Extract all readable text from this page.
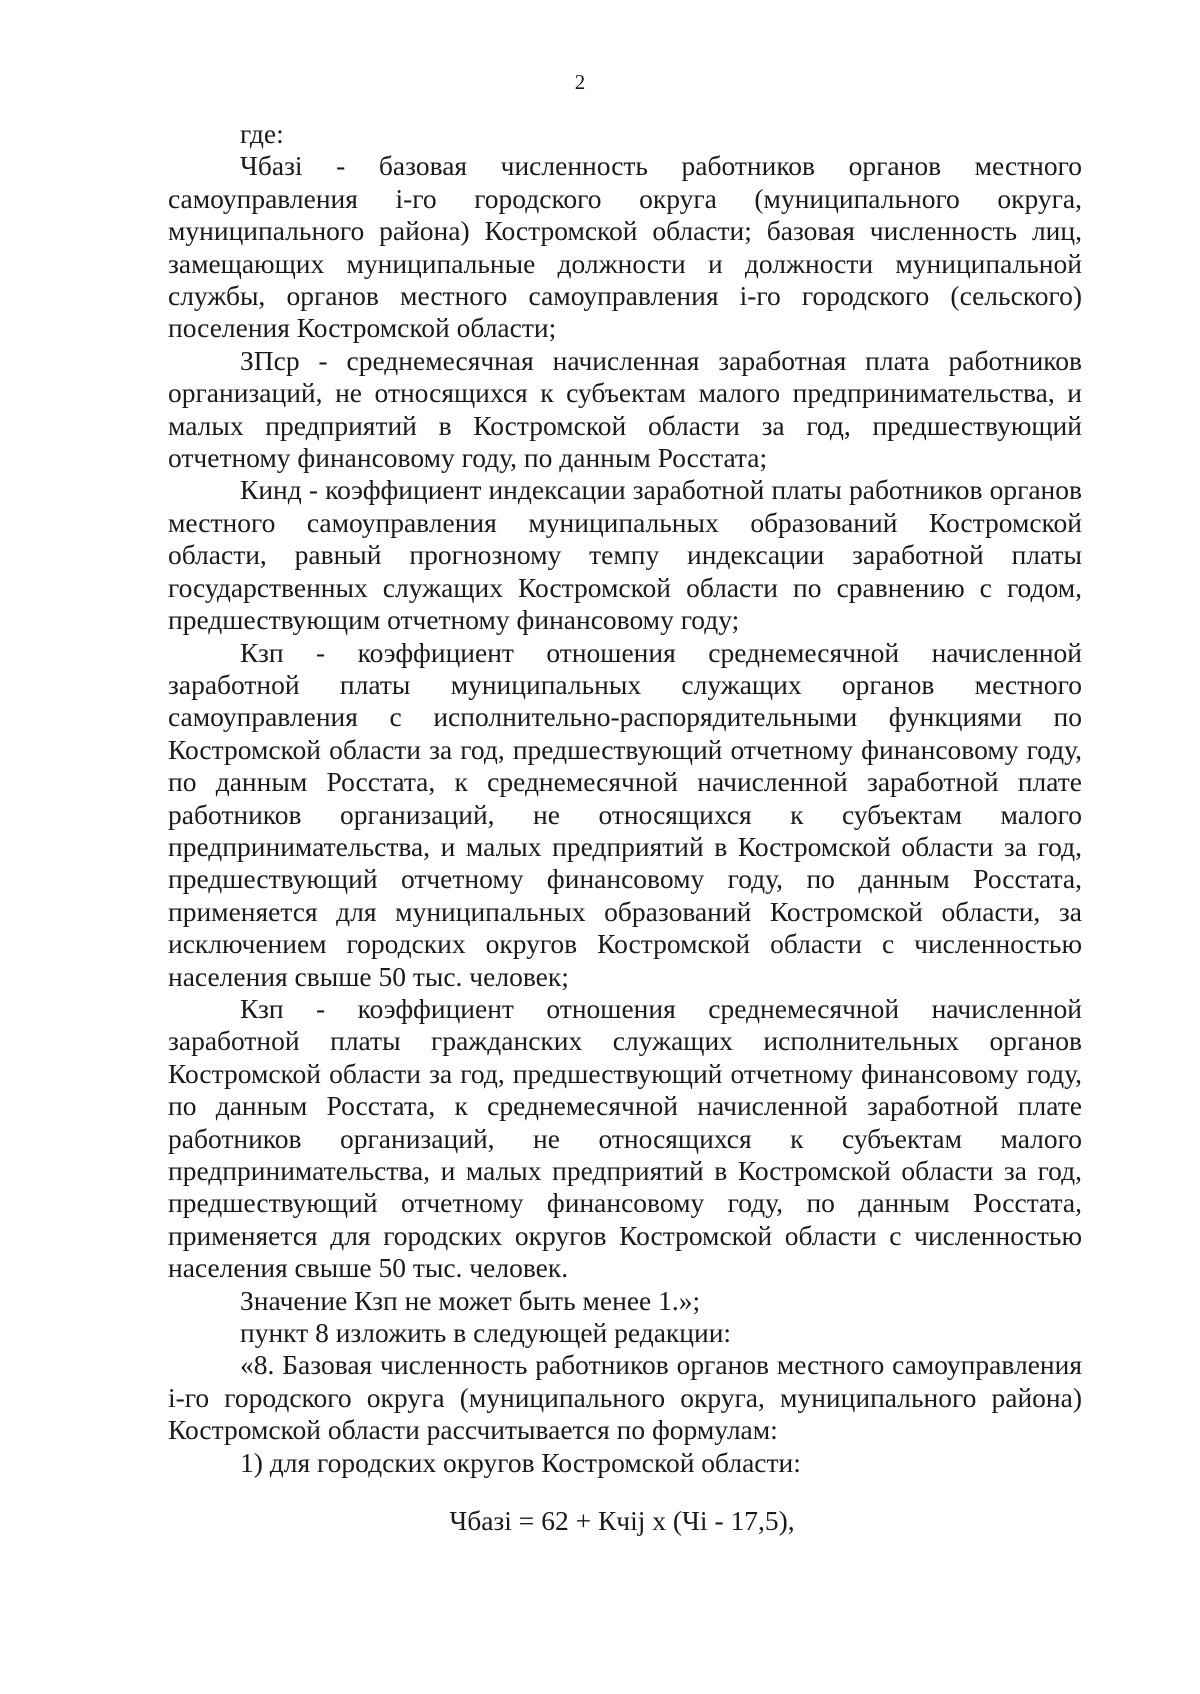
2

где:

Чбазi - базовая численность работников органов местного самоуправления i-го городского округа (муниципального округа, муниципального района) Костромской области; базовая численность лиц, замещающих муниципальные должности и должности муниципальной службы, органов местного самоуправления i-го городского (сельского) поселения Костромской области;

ЗПср - среднемесячная начисленная заработная плата работников организаций, не относящихся к субъектам малого предпринимательства, и малых предприятий в Костромской области за год, предшествующий отчетному финансовому году, по данным Росстата;

Кинд - коэффициент индексации заработной платы работников органов местного самоуправления муниципальных образований Костромской области, равный прогнозному темпу индексации заработной платы государственных служащих Костромской области по сравнению с годом, предшествующим отчетному финансовому году;

Кзп - коэффициент отношения среднемесячной начисленной заработной платы муниципальных служащих органов местного самоуправления с исполнительно-распорядительными функциями по Костромской области за год, предшествующий отчетному финансовому году, по данным Росстата, к среднемесячной начисленной заработной плате работников организаций, не относящихся к субъектам малого предпринимательства, и малых предприятий в Костромской области за год, предшествующий отчетному финансовому году, по данным Росстата, применяется для муниципальных образований Костромской области, за исключением городских округов Костромской области с численностью населения свыше 50 тыс. человек;

Кзп - коэффициент отношения среднемесячной начисленной заработной платы гражданских служащих исполнительных органов Костромской области за год, предшествующий отчетному финансовому году, по данным Росстата, к среднемесячной начисленной заработной плате работников организаций, не относящихся к субъектам малого предпринимательства, и малых предприятий в Костромской области за год, предшествующий отчетному финансовому году, по данным Росстата, применяется для городских округов Костромской области с численностью населения свыше 50 тыс. человек.

Значение Кзп не может быть менее 1.»;

пункт 8 изложить в следующей редакции:

«8. Базовая численность работников органов местного самоуправления i-го городского округа (муниципального округа, муниципального района) Костромской области рассчитывается по формулам:

1) для городских округов Костромской области:

Чбазi = 62 + Кчij x (Чi - 17,5),
